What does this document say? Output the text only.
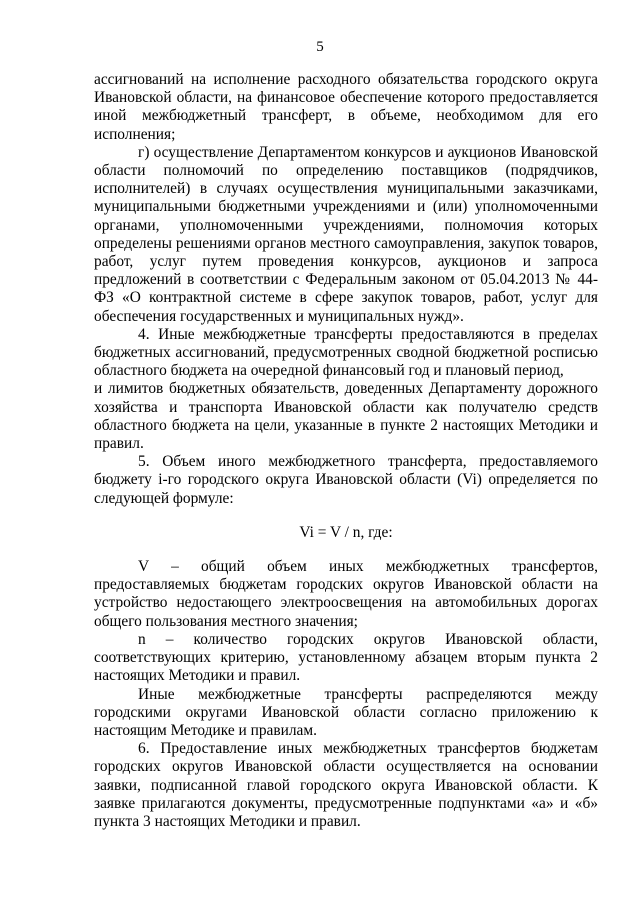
5

ассигнований на исполнение расходного обязательства городского округа Ивановской области, на финансовое обеспечение которого предоставляется иной межбюджетный трансферт, в объеме, необходимом для его исполнения;

г) осуществление Департаментом конкурсов и аукционов Ивановской области полномочий по определению поставщиков (подрядчиков, исполнителей) в случаях осуществления муниципальными заказчиками, муниципальными бюджетными учреждениями и (или) уполномоченными органами, уполномоченными учреждениями, полномочия которых определены решениями органов местного самоуправления, закупок товаров, работ, услуг путем проведения конкурсов, аукционов и запроса предложений в соответствии с Федеральным законом от 05.04.2013 № 44-ФЗ «О контрактной системе в сфере закупок товаров, работ, услуг для обеспечения государственных и муниципальных нужд».

4. Иные межбюджетные трансферты предоставляются в пределах бюджетных ассигнований, предусмотренных сводной бюджетной росписью областного бюджета на очередной финансовый год и плановый период,

и лимитов бюджетных обязательств, доведенных Департаменту дорожного хозяйства и транспорта Ивановской области как получателю средств областного бюджета на цели, указанные в пункте 2 настоящих Методики и правил.

5. Объем иного межбюджетного трансферта, предоставляемого бюджету i-го городского округа Ивановской области (Vi) определяется по следующей формуле:

Vi = V / n, где:

V – общий объем иных межбюджетных трансфертов, предоставляемых бюджетам городских округов Ивановской области на устройство недостающего электроосвещения на автомобильных дорогах общего пользования местного значения;

n – количество городских округов Ивановской области, соответствующих критерию, установленному абзацем вторым пункта 2 настоящих Методики и правил.

Иные межбюджетные трансферты распределяются между городскими округами Ивановской области согласно приложению к настоящим Методике и правилам.

6. Предоставление иных межбюджетных трансфертов бюджетам городских округов Ивановской области осуществляется на основании заявки, подписанной главой городского округа Ивановской области. К заявке прилагаются документы, предусмотренные подпунктами «а» и «б» пункта 3 настоящих Методики и правил.
